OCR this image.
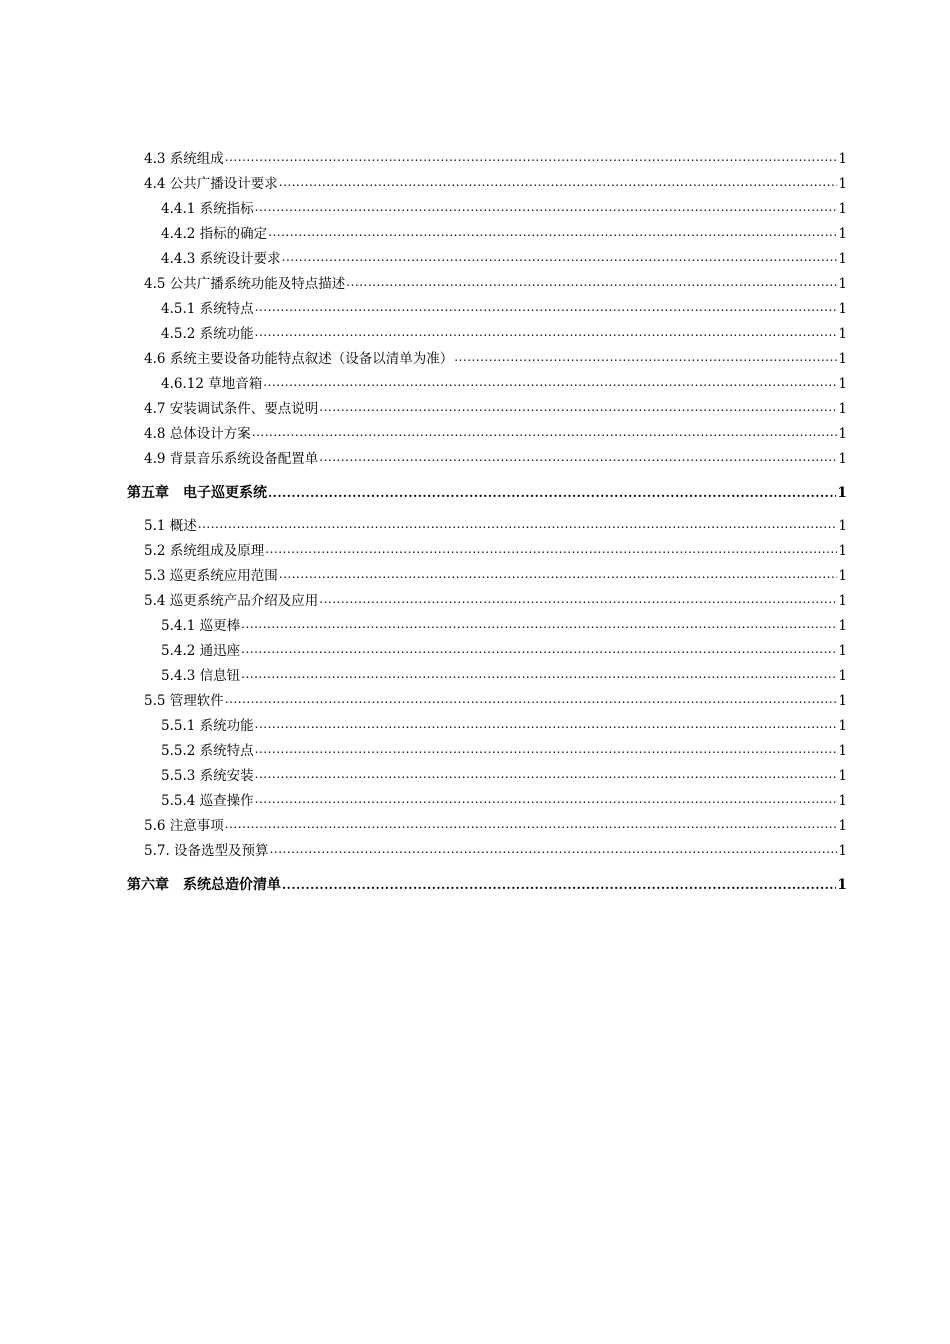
4.3 系统组成 .....	1
4.4 公共广播设计要求 .....	1
4.4.1 系统指标 .....	1
4.4.2 指标的确定 .....	1
4.4.3 系统设计要求 .....	1
4.5 公共广播系统功能及特点描述 .....	1
4.5.1 系统特点 .....	1
4.5.2 系统功能 .....	1
4.6 系统主要设备功能特点叙述（设备以清单为准） .....	1
4.6.12 草地音箱 .....	1
4.7 安装调试条件、要点说明 .....	1
4.8 总体设计方案 .....	1
4.9 背景音乐系统设备配置单 .....	1
第五章　电子巡更系统 .....	1
5.1 概述 .....	1
5.2 系统组成及原理 .....	1
5.3 巡更系统应用范围 .....	1
5.4 巡更系统产品介绍及应用 .....	1
5.4.1 巡更棒 .....	1
5.4.2 通迅座 .....	1
5.4.3 信息钮 .....	1
5.5 管理软件 .....	1
5.5.1 系统功能 .....	1
5.5.2 系统特点 .....	1
5.5.3 系统安装 .....	1
5.5.4 巡查操作 .....	1
5.6 注意事项 .....	1
5.7. 设备选型及预算 .....	1
第六章　系统总造价清单 .....	1
